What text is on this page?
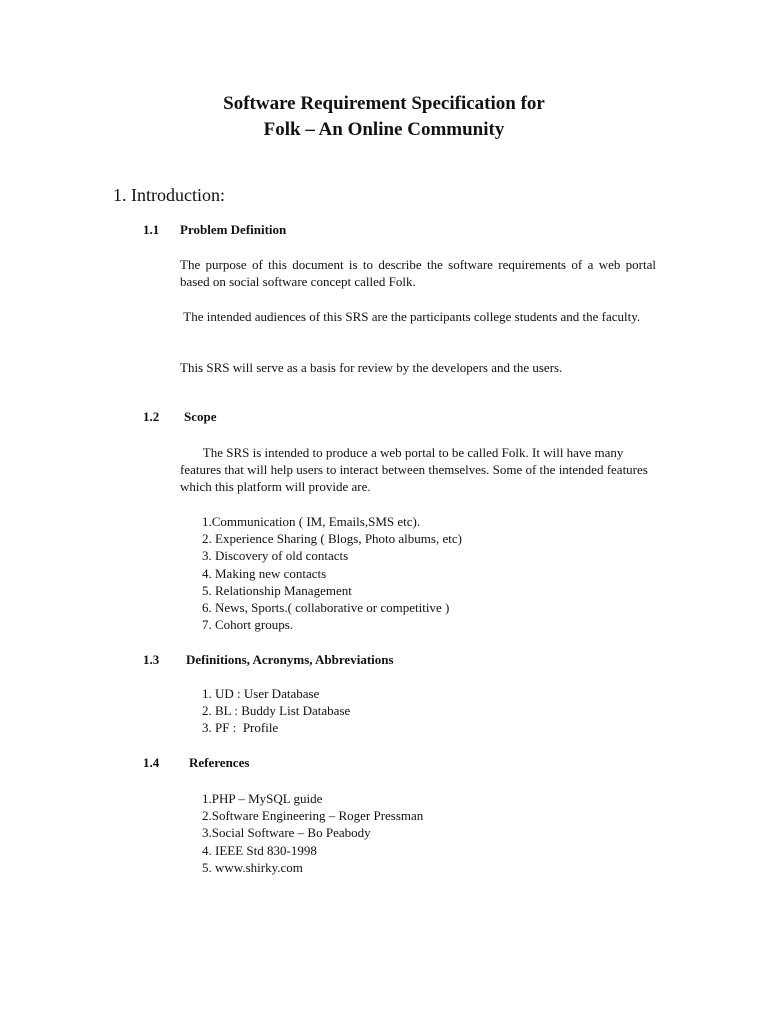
Software Requirement Specification for
Folk – An Online Community
1. Introduction:
1.1 Problem Definition

The purpose of this document is to describe the software requirements of a web portal based on social software concept called Folk.

The intended audiences of this SRS are the participants college students and the faculty.

This SRS will serve as a basis for review by the developers and the users.

1.2 Scope

The SRS is intended to produce a web portal to be called Folk. It will have many features that will help users to interact between themselves. Some of the intended features which this platform will provide are.

1.Communication ( IM, Emails,SMS etc).
2. Experience Sharing ( Blogs, Photo albums, etc)
3. Discovery of old contacts
4. Making new contacts
5. Relationship Management
6. News, Sports.( collaborative or competitive )
7. Cohort groups.
1.3 Definitions, Acronyms, Abbreviations
1. UD : User Database
2. BL : Buddy List Database
3. PF :  Profile
1.4 References
1.PHP – MySQL guide
2.Software Engineering – Roger Pressman
3.Social Software – Bo Peabody
4. IEEE Std 830-1998
5. www.shirky.com
